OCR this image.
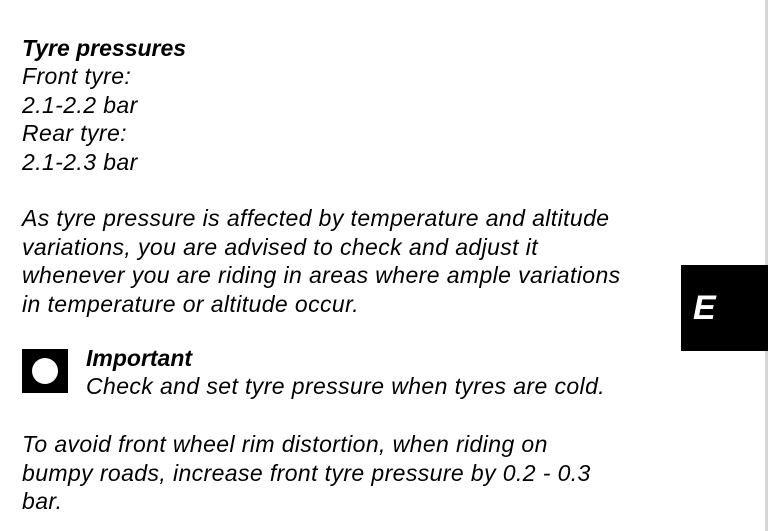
Tyre pressures

Front tyre:

2.1-2.2 bar

Rear tyre:

2.1-2.3 bar

As tyre pressure is affected by temperature and altitude

variations, you are advised to check and adjust it

whenever you are riding in areas where ample variations

in temperature or altitude occur.

Important

Check and set tyre pressure when tyres are cold.

To avoid front wheel rim distortion, when riding on

bumpy roads, increase front tyre pressure by 0.2 - 0.3

bar.

E
